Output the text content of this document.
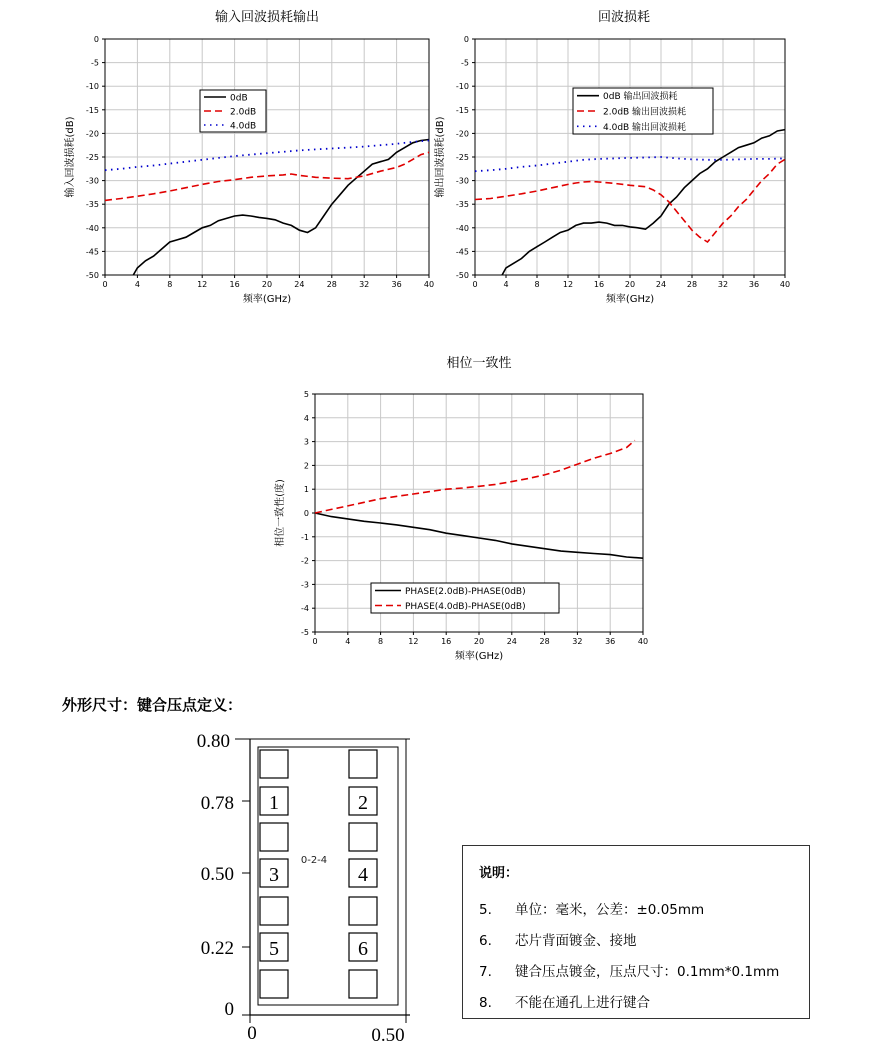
输入回波损耗输出
0	4	8	12	16	20	24	28	32	36	40
0
-5
-10
-15
-20
-25
-30
-35
-40
-45
-50
频率(GHz)
输入回波损耗(dB)
0dB
2.0dB
4.0dB
回波损耗
0	4	8	12	16	20	24	28	32	36	40
0
-5
-10
-15
-20
-25
-30
-35
-40
-45
-50
频率(GHz)
输出回波损耗(dB)
0dB 输出回波损耗
2.0dB 输出回波损耗
4.0dB 输出回波损耗
相位一致性
0	4	8	12	16	20	24	28	32	36	40
5
4
3
2
1
0
-1
-2
-3
-4
-5
频率(GHz)
相位一致性(度)
PHASE(2.0dB)-PHASE(0dB)
PHASE(4.0dB)-PHASE(0dB)
外形尺寸：键合压点定义：
1	2
3	4
5	6
0-2-4
0.80
0.78
0.50
0.22
0
0	0.50
说明：
5.	单位：毫米，公差：±0.05mm
6.	芯片背面镀金、接地
7.	键合压点镀金，压点尺寸：0.1mm*0.1mm
8.	不能在通孔上进行键合
